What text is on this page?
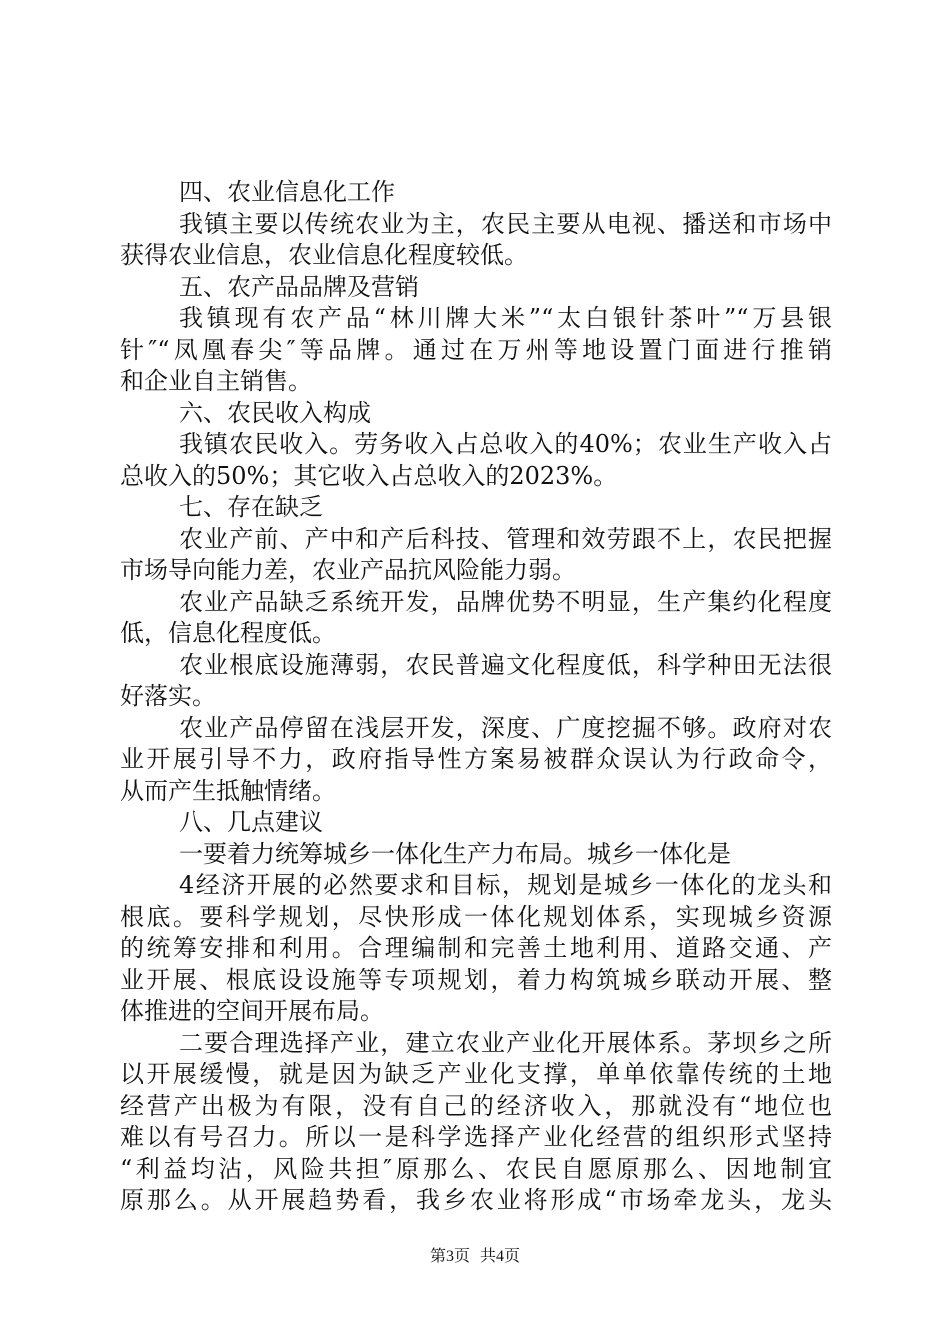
四、农业信息化工作
我镇主要以传统农业为主，农民主要从电视、播送和市场中
获得农业信息，农业信息化程度较低。
五、农产品品牌及营销
我镇现有农产品“林川牌大米”“太白银针茶叶”“万县银
针″“凤凰春尖″等品牌。通过在万州等地设置门面进行推销
和企业自主销售。
六、农民收入构成
我镇农民收入。劳务收入占总收入的40%；农业生产收入占
总收入的50%；其它收入占总收入的2023%。
七、存在缺乏
农业产前、产中和产后科技、管理和效劳跟不上，农民把握
市场导向能力差，农业产品抗风险能力弱。
农业产品缺乏系统开发，品牌优势不明显，生产集约化程度
低，信息化程度低。
农业根底设施薄弱，农民普遍文化程度低，科学种田无法很
好落实。
农业产品停留在浅层开发，深度、广度挖掘不够。政府对农
业开展引导不力，政府指导性方案易被群众误认为行政命令，
从而产生抵触情绪。
八、几点建议
一要着力统筹城乡一体化生产力布局。城乡一体化是
4经济开展的必然要求和目标，规划是城乡一体化的龙头和
根底。要科学规划，尽快形成一体化规划体系，实现城乡资源
的统筹安排和利用。合理编制和完善土地利用、道路交通、产
业开展、根底设设施等专项规划，着力构筑城乡联动开展、整
体推进的空间开展布局。
二要合理选择产业，建立农业产业化开展体系。茅坝乡之所
以开展缓慢，就是因为缺乏产业化支撑，单单依靠传统的土地
经营产出极为有限，没有自己的经济收入，那就没有“地位也
难以有号召力。所以一是科学选择产业化经营的组织形式坚持
“利益均沾，风险共担″原那么、农民自愿原那么、因地制宜
原那么。从开展趋势看，我乡农业将形成“市场牵龙头，龙头
第3页 共4页
